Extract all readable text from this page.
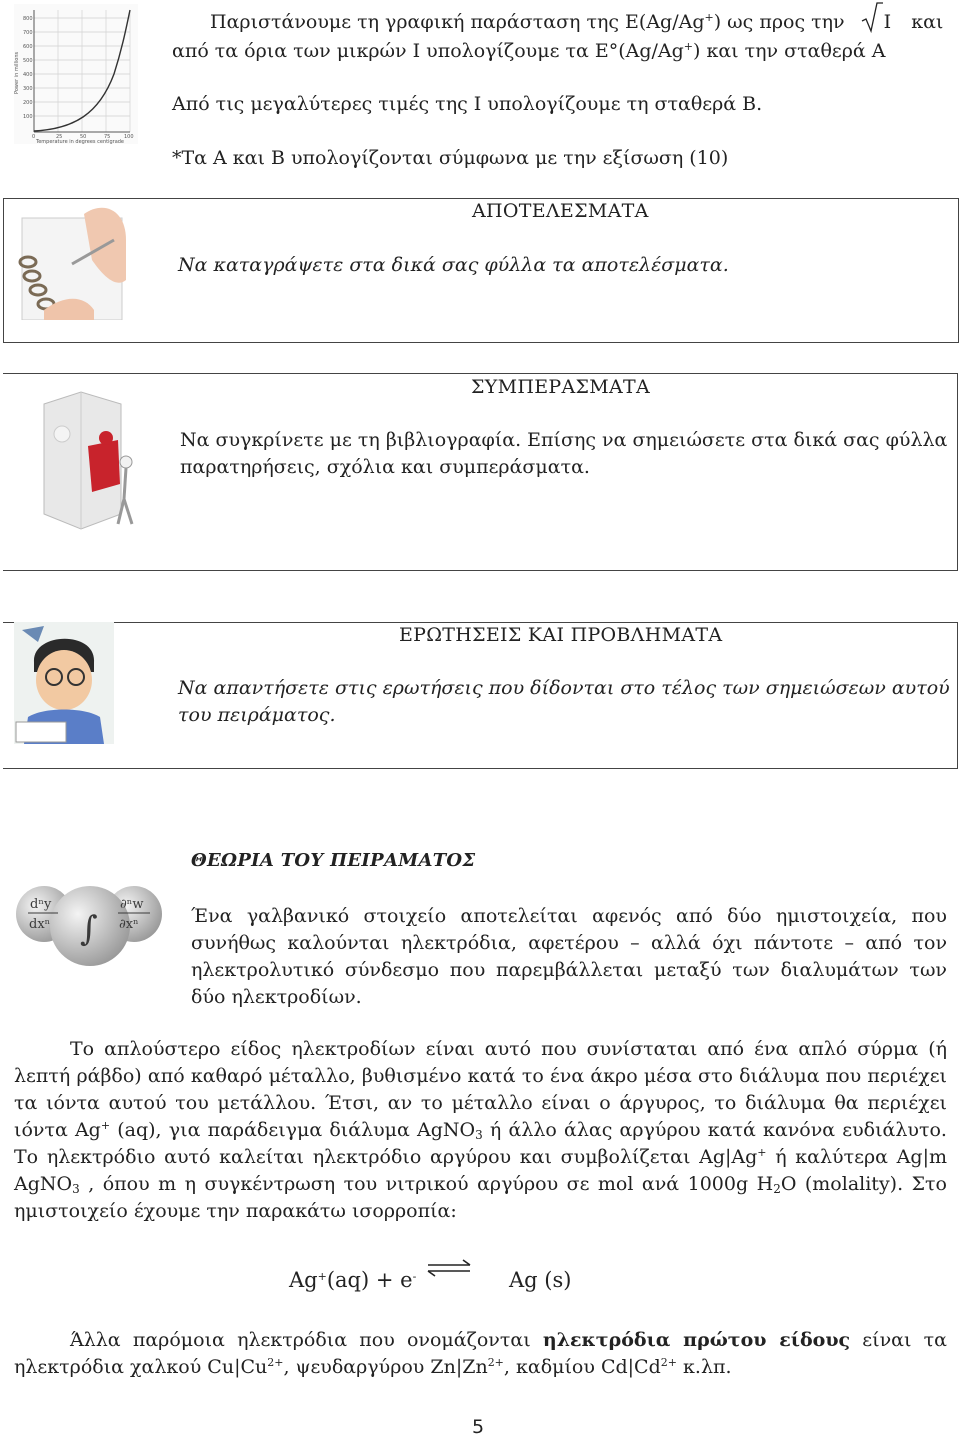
800
700
600
500
400
300
200
100
0	25	50	75	100
Temperature in degrees centigrade
Power in millions
Παριστάνουμε τη γραφική παράσταση της Ε(Ag/Ag+) ως προς την I και
από τα όρια των μικρών Ι υπολογίζουμε τα Ε°(Ag/Ag+) και την σταθερά Α
Από τις μεγαλύτερες τιμές της Ι υπολογίζουμε τη σταθερά Β.
*Τα Α και Β υπολογίζονται σύμφωνα με την εξίσωση (10)
ΑΠΟΤΕΛΕΣΜΑΤΑ
Να καταγράψετε στα δικά σας φύλλα τα αποτελέσματα.
ΣΥΜΠΕΡΑΣΜΑΤΑ
Να συγκρίνετε με τη βιβλιογραφία. Επίσης να σημειώσετε στα δικά σας φύλλα παρατηρήσεις, σχόλια και συμπεράσματα.
ΕΡΩΤΗΣΕΙΣ ΚΑΙ ΠΡΟΒΛΗΜΑΤΑ
Να απαντήσετε στις ερωτήσεις που δίδονται στο τέλος των σημειώσεων αυτού του πειράματος.
dⁿy
dxⁿ ∫
∂ⁿw
∂xⁿ
ΘΕΩΡΙΑ ΤΟΥ ΠΕΙΡΑΜΑΤΟΣ
Ένα γαλβανικό στοιχείο αποτελείται αφενός από δύο ημιστοιχεία, που συνήθως καλούνται ηλεκτρόδια, αφετέρου – αλλά όχι πάντοτε – από τον ηλεκτρολυτικό σύνδεσμο που παρεμβάλλεται μεταξύ των διαλυμάτων των δύο ηλεκτροδίων.
Το απλούστερο είδος ηλεκτροδίων είναι αυτό που συνίσταται από ένα απλό σύρμα (ή λεπτή ράβδο) από καθαρό μέταλλο, βυθισμένο κατά το ένα άκρο μέσα στο διάλυμα που περιέχει τα ιόντα αυτού του μετάλλου. Έτσι, αν το μέταλλο είναι ο άργυρος, το διάλυμα θα περιέχει ιόντα Ag+ (aq), για παράδειγμα διάλυμα AgNO$_3$ ή άλλο άλας αργύρου κατά κανόνα ευδιάλυτο. Το ηλεκτρόδιο αυτό καλείται ηλεκτρόδιο αργύρου και συμβολίζεται Ag|Ag+ ή καλύτερα Ag|m AgNO$_3$ , όπου m η συγκέντρωση του νιτρικού αργύρου σε mol ανά 1000g $H_2O$ (molality). Στο ημιστοιχείο έχουμε την παρακάτω ισορροπία:
Ag+(aq) + e- ⇌ Ag (s)
Άλλα παρόμοια ηλεκτρόδια που ονομάζονται ηλεκτρόδια πρώτου είδους είναι τα ηλεκτρόδια χαλκού $Cu|Cu^{2+}$, ψευδαργύρου $Zn|Zn^{2+}$, καδμίου $Cd|Cd^{2+}$ κ.λπ.
5
